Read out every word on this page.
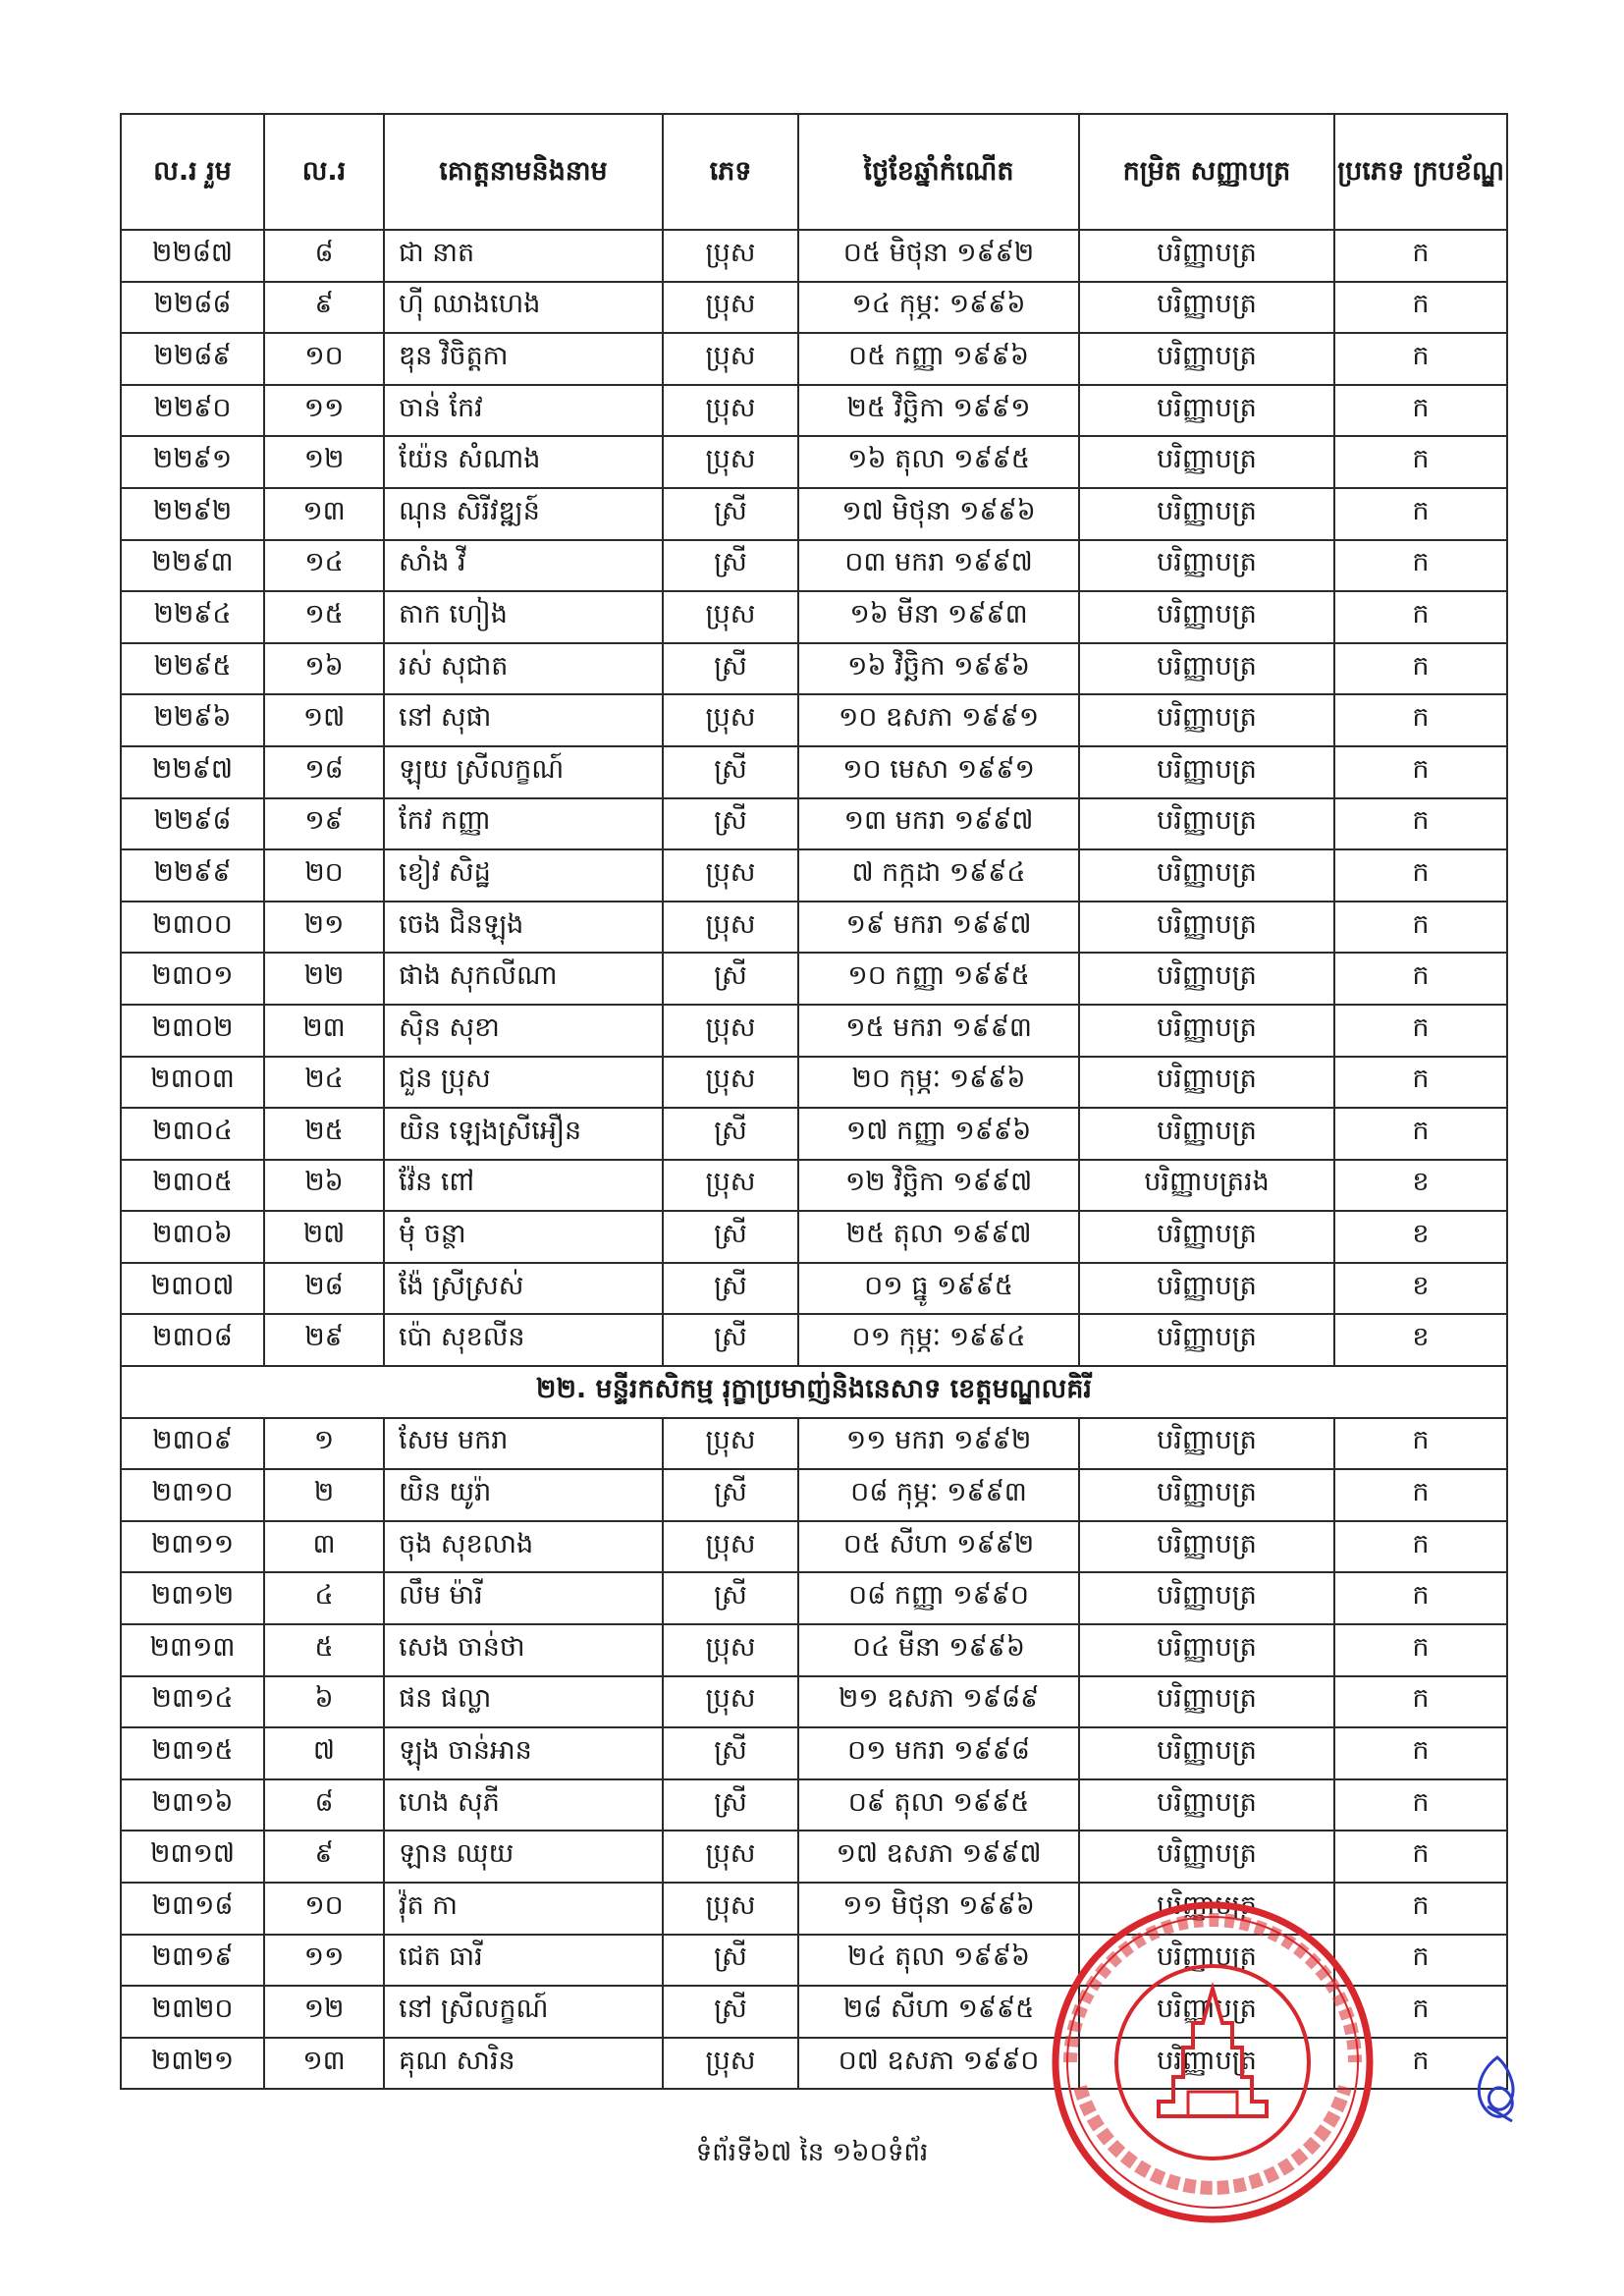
ល.រ រួម	ល.រ	គោត្តនាមនិងនាម	ភេទ	ថ្ងៃខែឆ្នាំកំណើត	កម្រិត សញ្ញាបត្រ	ប្រភេទ ក្របខ័ណ្ឌ
២២៨៧	៨	ជា នាត	ប្រុស	០៥ មិថុនា ១៩៩២	បរិញ្ញាបត្រ	ក
២២៨៨	៩	ហ៊ី ឈាងហេង	ប្រុស	១៤ កុម្ភៈ ១៩៩៦	បរិញ្ញាបត្រ	ក
២២៨៩	១០	ឌុន វិចិត្តកា	ប្រុស	០៥ កញ្ញា ១៩៩៦	បរិញ្ញាបត្រ	ក
២២៩០	១១	ចាន់ កែវ	ប្រុស	២៥ វិច្ឆិកា ១៩៩១	បរិញ្ញាបត្រ	ក
២២៩១	១២	យ៉ែន សំណាង	ប្រុស	១៦ តុលា ១៩៩៥	បរិញ្ញាបត្រ	ក
២២៩២	១៣	ណុន សិរីវឌ្ឍន៍	ស្រី	១៧ មិថុនា ១៩៩៦	បរិញ្ញាបត្រ	ក
២២៩៣	១៤	សាំង វី	ស្រី	០៣ មករា ១៩៩៧	បរិញ្ញាបត្រ	ក
២២៩៤	១៥	តាក ហៀង	ប្រុស	១៦ មីនា ១៩៩៣	បរិញ្ញាបត្រ	ក
២២៩៥	១៦	រស់ សុជាត	ស្រី	១៦ វិច្ឆិកា ១៩៩៦	បរិញ្ញាបត្រ	ក
២២៩៦	១៧	នៅ សុផា	ប្រុស	១០ ឧសភា ១៩៩១	បរិញ្ញាបត្រ	ក
២២៩៧	១៨	ឡុយ ស្រីលក្ខណ៍	ស្រី	១០ មេសា ១៩៩១	បរិញ្ញាបត្រ	ក
២២៩៨	១៩	កែវ កញ្ញា	ស្រី	១៣ មករា ១៩៩៧	បរិញ្ញាបត្រ	ក
២២៩៩	២០	ខៀវ សិដ្ឋ	ប្រុស	៧ កក្កដា ១៩៩៤	បរិញ្ញាបត្រ	ក
២៣០០	២១	ចេង ជិនឡុង	ប្រុស	១៩ មករា ១៩៩៧	បរិញ្ញាបត្រ	ក
២៣០១	២២	ផាង សុកលីណា	ស្រី	១០ កញ្ញា ១៩៩៥	បរិញ្ញាបត្រ	ក
២៣០២	២៣	ស៊ិន សុខា	ប្រុស	១៥ មករា ១៩៩៣	បរិញ្ញាបត្រ	ក
២៣០៣	២៤	ជួន ប្រុស	ប្រុស	២០ កុម្ភៈ ១៩៩៦	បរិញ្ញាបត្រ	ក
២៣០៤	២៥	យិន ឡេងស្រីអឿន	ស្រី	១៧ កញ្ញា ១៩៩៦	បរិញ្ញាបត្រ	ក
២៣០៥	២៦	វ៉ែន ពៅ	ប្រុស	១២ វិច្ឆិកា ១៩៩៧	បរិញ្ញាបត្ររង	ខ
២៣០៦	២៧	ម៉ុំ ចន្ថា	ស្រី	២៥ តុលា ១៩៩៧	បរិញ្ញាបត្រ	ខ
២៣០៧	២៨	ង៉ែ ស្រីស្រស់	ស្រី	០១ ធ្នូ ១៩៩៥	បរិញ្ញាបត្រ	ខ
២៣០៨	២៩	ប៉ោ សុខលីន	ស្រី	០១ កុម្ភៈ ១៩៩៤	បរិញ្ញាបត្រ	ខ
២២. មន្ទីរកសិកម្ម រុក្ខាប្រមាញ់និងនេសាទ ខេត្តមណ្ឌលគិរី						
២៣០៩	១	សែម មករា	ប្រុស	១១ មករា ១៩៩២	បរិញ្ញាបត្រ	ក
២៣១០	២	យិន យូរ៉ា	ស្រី	០៨ កុម្ភៈ ១៩៩៣	បរិញ្ញាបត្រ	ក
២៣១១	៣	ចុង សុខលាង	ប្រុស	០៥ សីហា ១៩៩២	បរិញ្ញាបត្រ	ក
២៣១២	៤	លឹម ម៉ារី	ស្រី	០៨ កញ្ញា ១៩៩០	បរិញ្ញាបត្រ	ក
២៣១៣	៥	សេង ចាន់ថា	ប្រុស	០៤ មីនា ១៩៩៦	បរិញ្ញាបត្រ	ក
២៣១៤	៦	ផន ផល្លា	ប្រុស	២១ ឧសភា ១៩៨៩	បរិញ្ញាបត្រ	ក
២៣១៥	៧	ឡុង ចាន់អាន	ស្រី	០១ មករា ១៩៩៨	បរិញ្ញាបត្រ	ក
២៣១៦	៨	ហេង សុភី	ស្រី	០៩ តុលា ១៩៩៥	បរិញ្ញាបត្រ	ក
២៣១៧	៩	ឡាន ឈុយ	ប្រុស	១៧ ឧសភា ១៩៩៧	បរិញ្ញាបត្រ	ក
២៣១៨	១០	វ៉ុត កា	ប្រុស	១១ មិថុនា ១៩៩៦	បរិញ្ញាបត្រ	ក
២៣១៩	១១	ជេត ធារី	ស្រី	២៤ តុលា ១៩៩៦	បរិញ្ញាបត្រ	ក
២៣២០	១២	នៅ ស្រីលក្ខណ៍	ស្រី	២៨ សីហា ១៩៩៥	បរិញ្ញាបត្រ	ក
២៣២១	១៣	គុណ សារិន	ប្រុស	០៧ ឧសភា ១៩៩០	បរិញ្ញាបត្រ	ក
ទំព័រទី៦៧ នៃ ១៦០ទំព័រ
